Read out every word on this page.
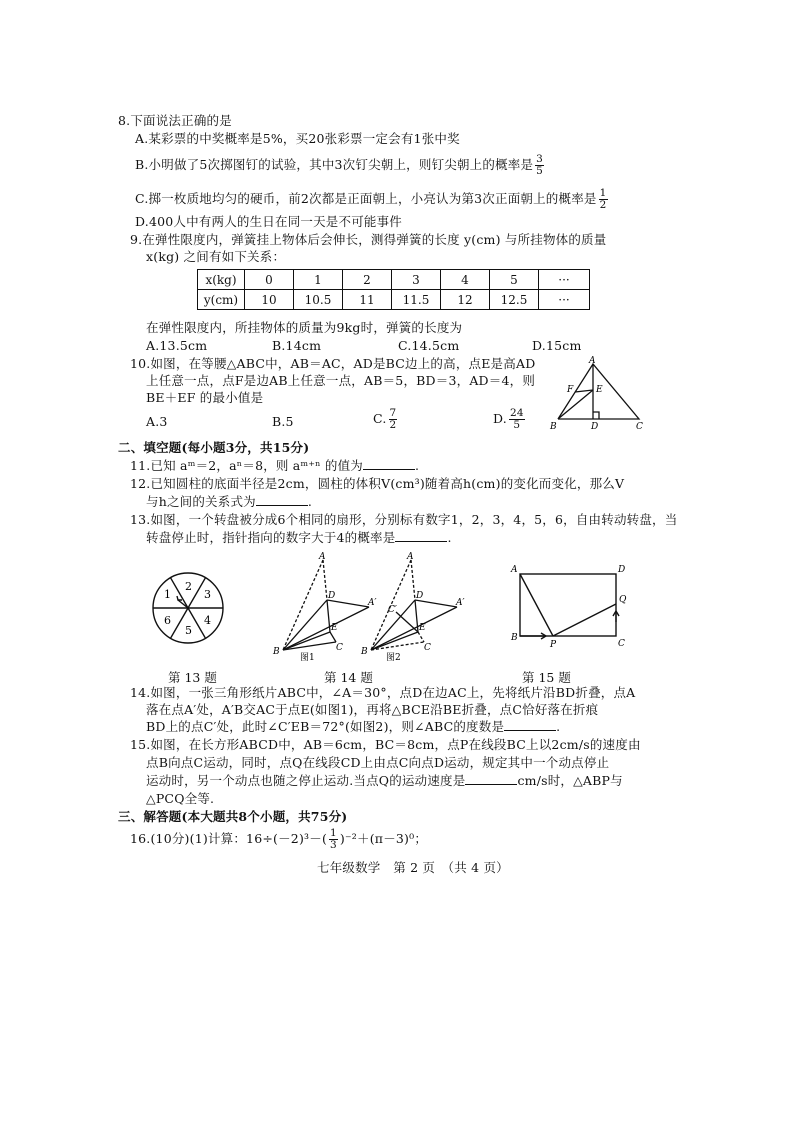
8.下面说法正确的是
A.某彩票的中奖概率是5%，买20张彩票一定会有1张中奖
B.小明做了5次掷图钉的试验，其中3次钉尖朝上，则钉尖朝上的概率是 $\frac{3}{5}$
C.掷一枚质地均匀的硬币，前2次都是正面朝上，小亮认为第3次正面朝上的概率是 $\frac{1}{2}$
D.400人中有两人的生日在同一天是不可能事件
9.在弹性限度内，弹簧挂上物体后会伸长，测得弹簧的长度 y(cm) 与所挂物体的质量
x(kg) 之间有如下关系：
x(kg)	0	1	2	3	4	5	···
y(cm)	10	10.5	11	11.5	12	12.5	···
在弹性限度内，所挂物体的质量为9kg时，弹簧的长度为
A.13.5cm	B.14cm	C.14.5cm	D.15cm
10.如图，在等腰△ABC中，AB＝AC，AD是BC边上的高，点E是高AD
上任意一点，点F是边AB上任意一点，AB＝5，BD＝3，AD＝4，则
BE＋EF 的最小值是
A.3	B.5	C. $\frac{7}{2}$	D. $\frac{24}{5}$
A
B	C
D
E
F
二、填空题(每小题3分，共15分)
11.已知 aᵐ＝2，aⁿ＝8，则 aᵐ⁺ⁿ 的值为	.
12.已知圆柱的底面半径是2cm，圆柱的体积V(cm³)随着高h(cm)的变化而变化，那么V
与h之间的关系式为	.
13.如图，一个转盘被分成6个相同的扇形，分别标有数字1，2，3，4，5，6，自由转动转盘，当
转盘停止时，指针指向的数字大于4的概率是	.
1
2
3
4
5
6
A
D
A′
E
C
B
图1
A
D
A′
C′
E
C
B
图2
A	D
B
C
P
Q
第 13 题	第 14 题	第 15 题
14.如图，一张三角形纸片ABC中，∠A＝30°，点D在边AC上，先将纸片沿BD折叠，点A
落在点A′处，A′B交AC于点E(如图1)，再将△BCE沿BE折叠，点C恰好落在折痕
BD上的点C′处，此时∠C′EB＝72°(如图2)，则∠ABC的度数是	.
15.如图，在长方形ABCD中，AB＝6cm，BC＝8cm，点P在线段BC上以2cm/s的速度由
点B向点C运动，同时，点Q在线段CD上由点C向点D运动，规定其中一个动点停止
运动时，另一个动点也随之停止运动.当点Q的运动速度是	cm/s时，△ABP与
△PCQ全等.
三、解答题(本大题共8个小题，共75分)
16.(10分)(1)计算：$16\div(-2)^3-( \frac{1}{3} )^{-2}+(\pi-3)^0$；
七年级数学　第 2 页　（共 4 页）
